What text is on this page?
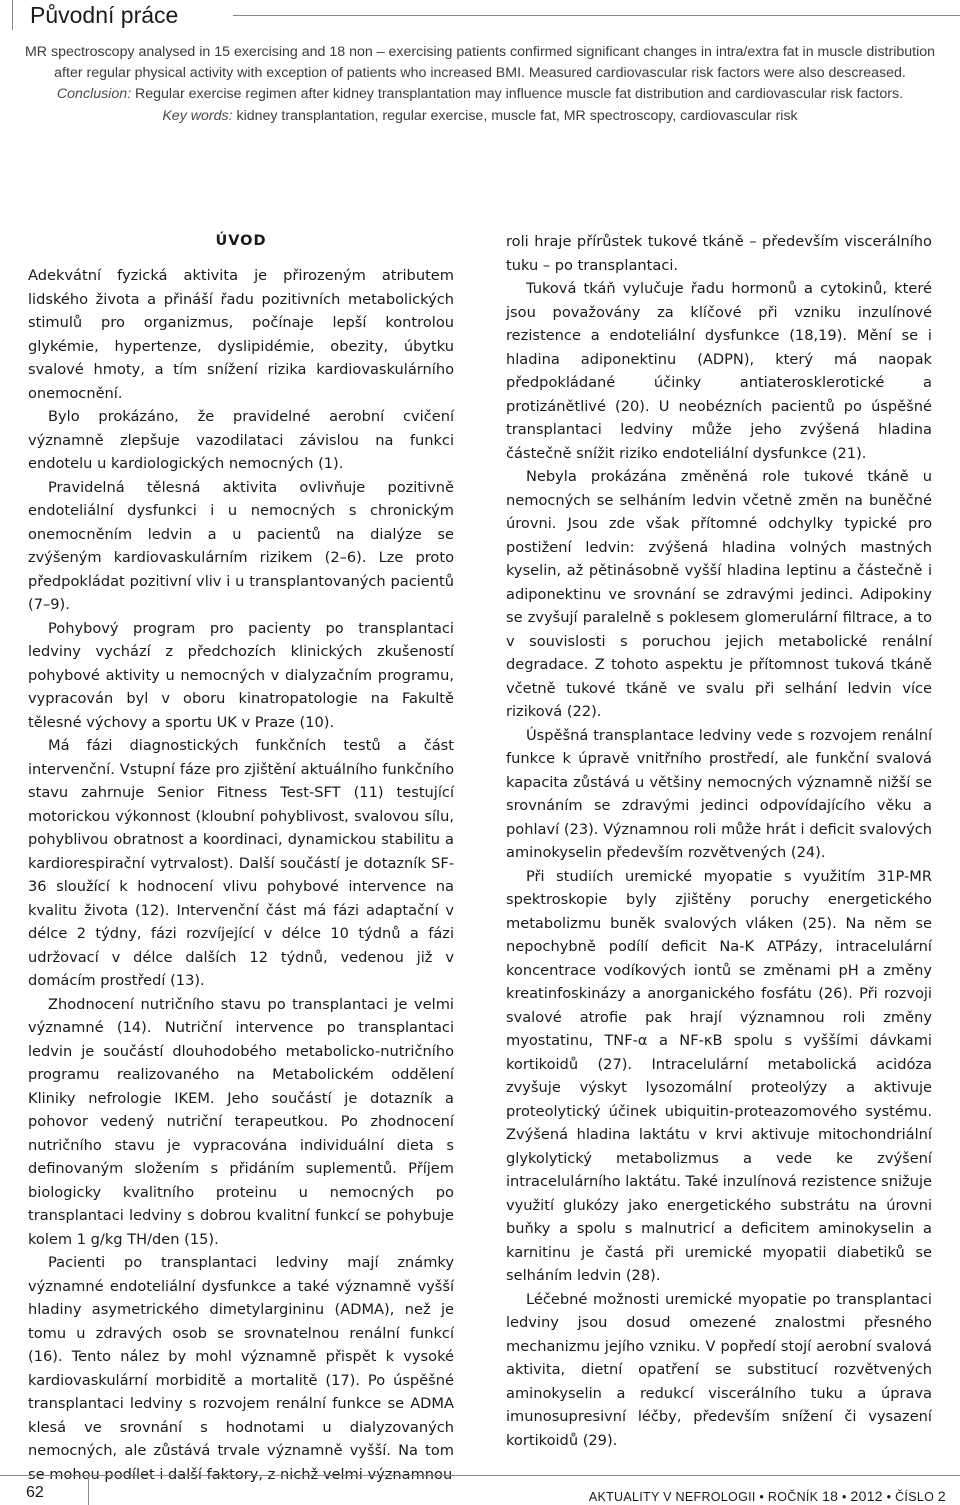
Původní práce

MR spectroscopy analysed in 15 exercising and 18 non – exercising patients confirmed significant changes in intra/extra fat in muscle distribution after regular physical activity with exception of patients who increased BMI. Measured cardiovascular risk factors were also descreased.

Conclusion: Regular exercise regimen after kidney transplantation may influence muscle fat distribution and cardiovascular risk factors.

Key words: kidney transplantation, regular exercise, muscle fat, MR spectroscopy, cardiovascular risk

ÚVOD

Adekvátní fyzická aktivita je přirozeným atributem lidského života a přináší řadu pozitivních metabolických stimulů pro organizmus, počínaje lepší kontrolou glykémie, hypertenze, dyslipidémie, obezity, úbytku svalové hmoty, a tím snížení rizika kardiovaskulárního onemocnění.

Bylo prokázáno, že pravidelné aerobní cvičení významně zlepšuje vazodilataci závislou na funkci endotelu u kardiologických nemocných (1).

Pravidelná tělesná aktivita ovlivňuje pozitivně endoteliální dysfunkci i u nemocných s chronickým onemocněním ledvin a u pacientů na dialýze se zvýšeným kardiovaskulárním rizikem (2–6). Lze proto předpokládat pozitivní vliv i u transplantovaných pacientů (7–9).

Pohybový program pro pacienty po transplantaci ledviny vychází z předchozích klinických zkušeností pohybové aktivity u nemocných v dialyzačním programu, vypracován byl v oboru kinatropatologie na Fakultě tělesné výchovy a sportu UK v Praze (10).

Má fázi diagnostických funkčních testů a část intervenční. Vstupní fáze pro zjištění aktuálního funkčního stavu zahrnuje Senior Fitness Test-SFT (11) testující motorickou výkonnost (kloubní pohyblivost, svalovou sílu, pohyblivou obratnost a koordinaci, dynamickou stabilitu a kardiorespirační vytrvalost). Další součástí je dotazník SF-36 sloužící k hodnocení vlivu pohybové intervence na kvalitu života (12). Intervenční část má fázi adaptační v délce 2 týdny, fázi rozvíjející v délce 10 týdnů a fázi udržovací v délce dalších 12 týdnů, vedenou již v domácím prostředí (13).

Zhodnocení nutričního stavu po transplantaci je velmi významné (14). Nutriční intervence po transplantaci ledvin je součástí dlouhodobého metabolicko-nutričního programu realizovaného na Metabolickém oddělení Kliniky nefrologie IKEM. Jeho součástí je dotazník a pohovor vedený nutriční terapeutkou. Po zhodnocení nutričního stavu je vypracována individuální dieta s definovaným složením s přidáním suplementů. Příjem biologicky kvalitního proteinu u nemocných po transplantaci ledviny s dobrou kvalitní funkcí se pohybuje kolem 1 g/kg TH/den (15).

Pacienti po transplantaci ledviny mají známky významné endoteliální dysfunkce a také významně vyšší hladiny asymetrického dimetylargininu (ADMA), než je tomu u zdravých osob se srovnatelnou renální funkcí (16). Tento nález by mohl významně přispět k vysoké kardiovaskulární morbiditě a mortalitě (17). Po úspěšné transplantaci ledviny s rozvojem renální funkce se ADMA klesá ve srovnání s hodnotami u dialyzovaných nemocných, ale zůstává trvale významně vyšší. Na tom se mohou podílet i další faktory, z nichž velmi významnou

roli hraje přírůstek tukové tkáně – především viscerálního tuku – po transplantaci.

Tuková tkáň vylučuje řadu hormonů a cytokinů, které jsou považovány za klíčové při vzniku inzulínové rezistence a endoteliální dysfunkce (18,19). Mění se i hladina adiponektinu (ADPN), který má naopak předpokládané účinky antiaterosklerotické a protizánětlivé (20). U neobézních pacientů po úspěšné transplantaci ledviny může jeho zvýšená hladina částečně snížit riziko endoteliální dysfunkce (21).

Nebyla prokázána změněná role tukové tkáně u nemocných se selháním ledvin včetně změn na buněčné úrovni. Jsou zde však přítomné odchylky typické pro postižení ledvin: zvýšená hladina volných mastných kyselin, až pětinásobně vyšší hladina leptinu a částečně i adiponektinu ve srovnání se zdravými jedinci. Adipokiny se zvyšují paralelně s poklesem glomerulární filtrace, a to v souvislosti s poruchou jejich metabolické renální degradace. Z tohoto aspektu je přítomnost tuková tkáně včetně tukové tkáně ve svalu při selhání ledvin více riziková (22).

Úspěšná transplantace ledviny vede s rozvojem renální funkce k úpravě vnitřního prostředí, ale funkční svalová kapacita zůstává u většiny nemocných významně nižší se srovnáním se zdravými jedinci odpovídajícího věku a pohlaví (23). Významnou roli může hrát i deficit svalových aminokyselin především rozvětvených (24).

Při studiích uremické myopatie s využitím 31P-MR spektroskopie byly zjištěny poruchy energetického metabolizmu buněk svalových vláken (25). Na něm se nepochybně podílí deficit Na-K ATPázy, intracelulární koncentrace vodíkových iontů se změnami pH a změny kreatinfoskinázy a anorganického fosfátu (26). Při rozvoji svalové atrofie pak hrají významnou roli změny myostatinu, TNF-α a NF-κB spolu s vyššími dávkami kortikoidů (27). Intracelulární metabolická acidóza zvyšuje výskyt lysozomální proteolýzy a aktivuje proteolytický účinek ubiquitin-proteazomového systému. Zvýšená hladina laktátu v krvi aktivuje mitochondriální glykolytický metabolizmus a vede ke zvýšení intracelulárního laktátu. Také inzulínová rezistence snižuje využití glukózy jako energetického substrátu na úrovni buňky a spolu s malnutricí a deficitem aminokyselin a karnitinu je častá při uremické myopatii diabetiků se selháním ledvin (28).

Léčebné možnosti uremické myopatie po transplantaci ledviny jsou dosud omezené znalostmi přesného mechanizmu jejího vzniku. V popředí stojí aerobní svalová aktivita, dietní opatření se substitucí rozvětvených aminokyselin a redukcí viscerálního tuku a úprava imunosupresivní léčby, především snížení či vysazení kortikoidů (29).

62	AKTUALITY V NEFROLOGII • ROČNÍK 18 • 2012 • ČÍSLO 2
